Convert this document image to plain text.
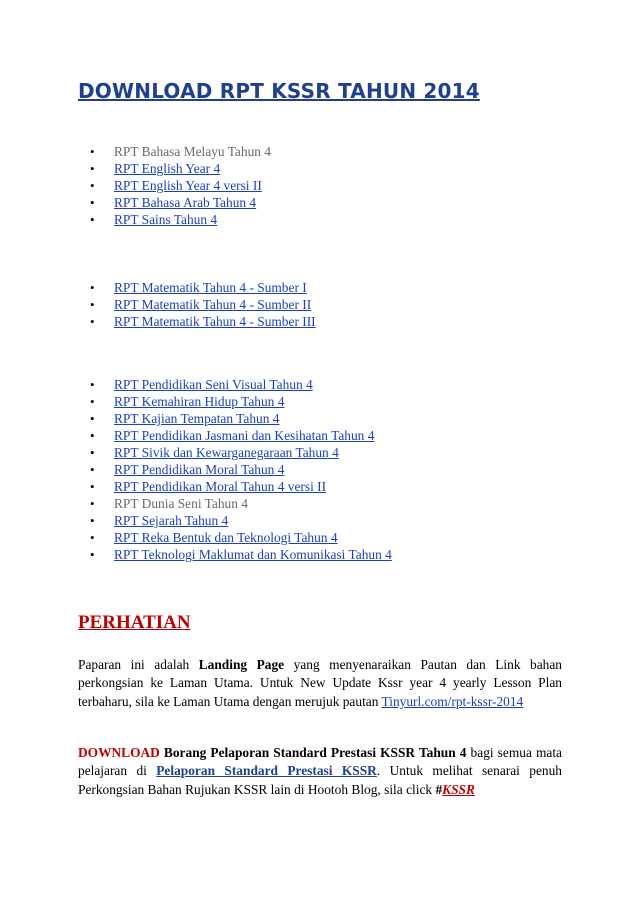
DOWNLOAD RPT KSSR TAHUN 2014
• RPT Bahasa Melayu Tahun 4
• RPT English Year 4
• RPT English Year 4 versi II
• RPT Bahasa Arab Tahun 4
• RPT Sains Tahun 4
• RPT Matematik Tahun 4 - Sumber I
• RPT Matematik Tahun 4 - Sumber II
• RPT Matematik Tahun 4 - Sumber III
• RPT Pendidikan Seni Visual Tahun 4
• RPT Kemahiran Hidup Tahun 4
• RPT Kajian Tempatan Tahun 4
• RPT Pendidikan Jasmani dan Kesihatan Tahun 4
• RPT Sivik dan Kewarganegaraan Tahun 4
• RPT Pendidikan Moral Tahun 4
• RPT Pendidikan Moral Tahun 4 versi II
• RPT Dunia Seni Tahun 4
• RPT Sejarah Tahun 4
• RPT Reka Bentuk dan Teknologi Tahun 4
• RPT Teknologi Maklumat dan Komunikasi Tahun 4
PERHATIAN
Paparan ini adalah Landing Page yang menyenaraikan Pautan dan Link bahan perkongsian ke Laman Utama. Untuk New Update Kssr year 4 yearly Lesson Plan terbaharu, sila ke Laman Utama dengan merujuk pautan Tinyurl.com/rpt-kssr-2014
DOWNLOAD Borang Pelaporan Standard Prestasi KSSR Tahun 4 bagi semua mata pelajaran di Pelaporan Standard Prestasi KSSR. Untuk melihat senarai penuh Perkongsian Bahan Rujukan KSSR lain di Hootoh Blog, sila click #KSSR
